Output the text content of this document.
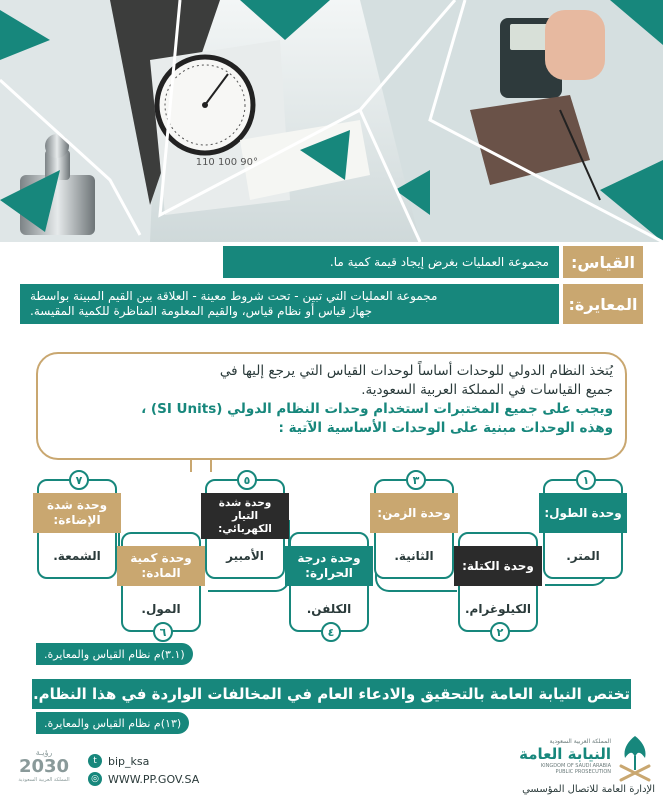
90° 100 110
القياس:
مجموعة العمليات بغرض إيجاد قيمة كمية ما.
المعايرة:
مجموعة العمليات التي تبين - تحت شروط معينة - العلاقة بين القيم المبينة بواسطة
جهاز قياس أو نظام قياس، والقيم المعلومة المناظرة للكمية المقيسة.

يُتخذ النظام الدولي للوحدات أساساً لوحدات القياس التي يرجع إليها في

جميع القياسات في المملكة العربية السعودية.

ويجب على جميع المختبرات استخدام وحدات النظام الدولي (SI Units) ،

وهذه الوحدات مبنية على الوحدات الأساسية الآتية :

وحدة الطول:
المتر.
١
وحدة الكتلة:
الكيلوغرام.
٢
وحدة الزمن:
الثانية.
٣
وحدة درجة الحرارة:
الكلفن.
٤
وحدة شدة التيار الكهربائي:
الأمبير
٥
وحدة كمية المادة:
المول.
٦
وحدة شدة الإضاءة:
الشمعة.
٧
(٣.١)م نظام القياس والمعايرة.
تختص النيابة العامة بالتحقيق والادعاء العام في المخالفات الواردة في هذا النظام.
(١٣)م نظام القياس والمعايرة.
رؤيـة
2030
المملكة العربية السعودية
t	bip_ksa
◎ WWW.PP.GOV.SA
المملكة العربية السعودية
النيابة العامة
KINGDOM OF SAUDI ARABIA
PUBLIC PROSECUTION
الإدارة العامة للاتصال المؤسسي
